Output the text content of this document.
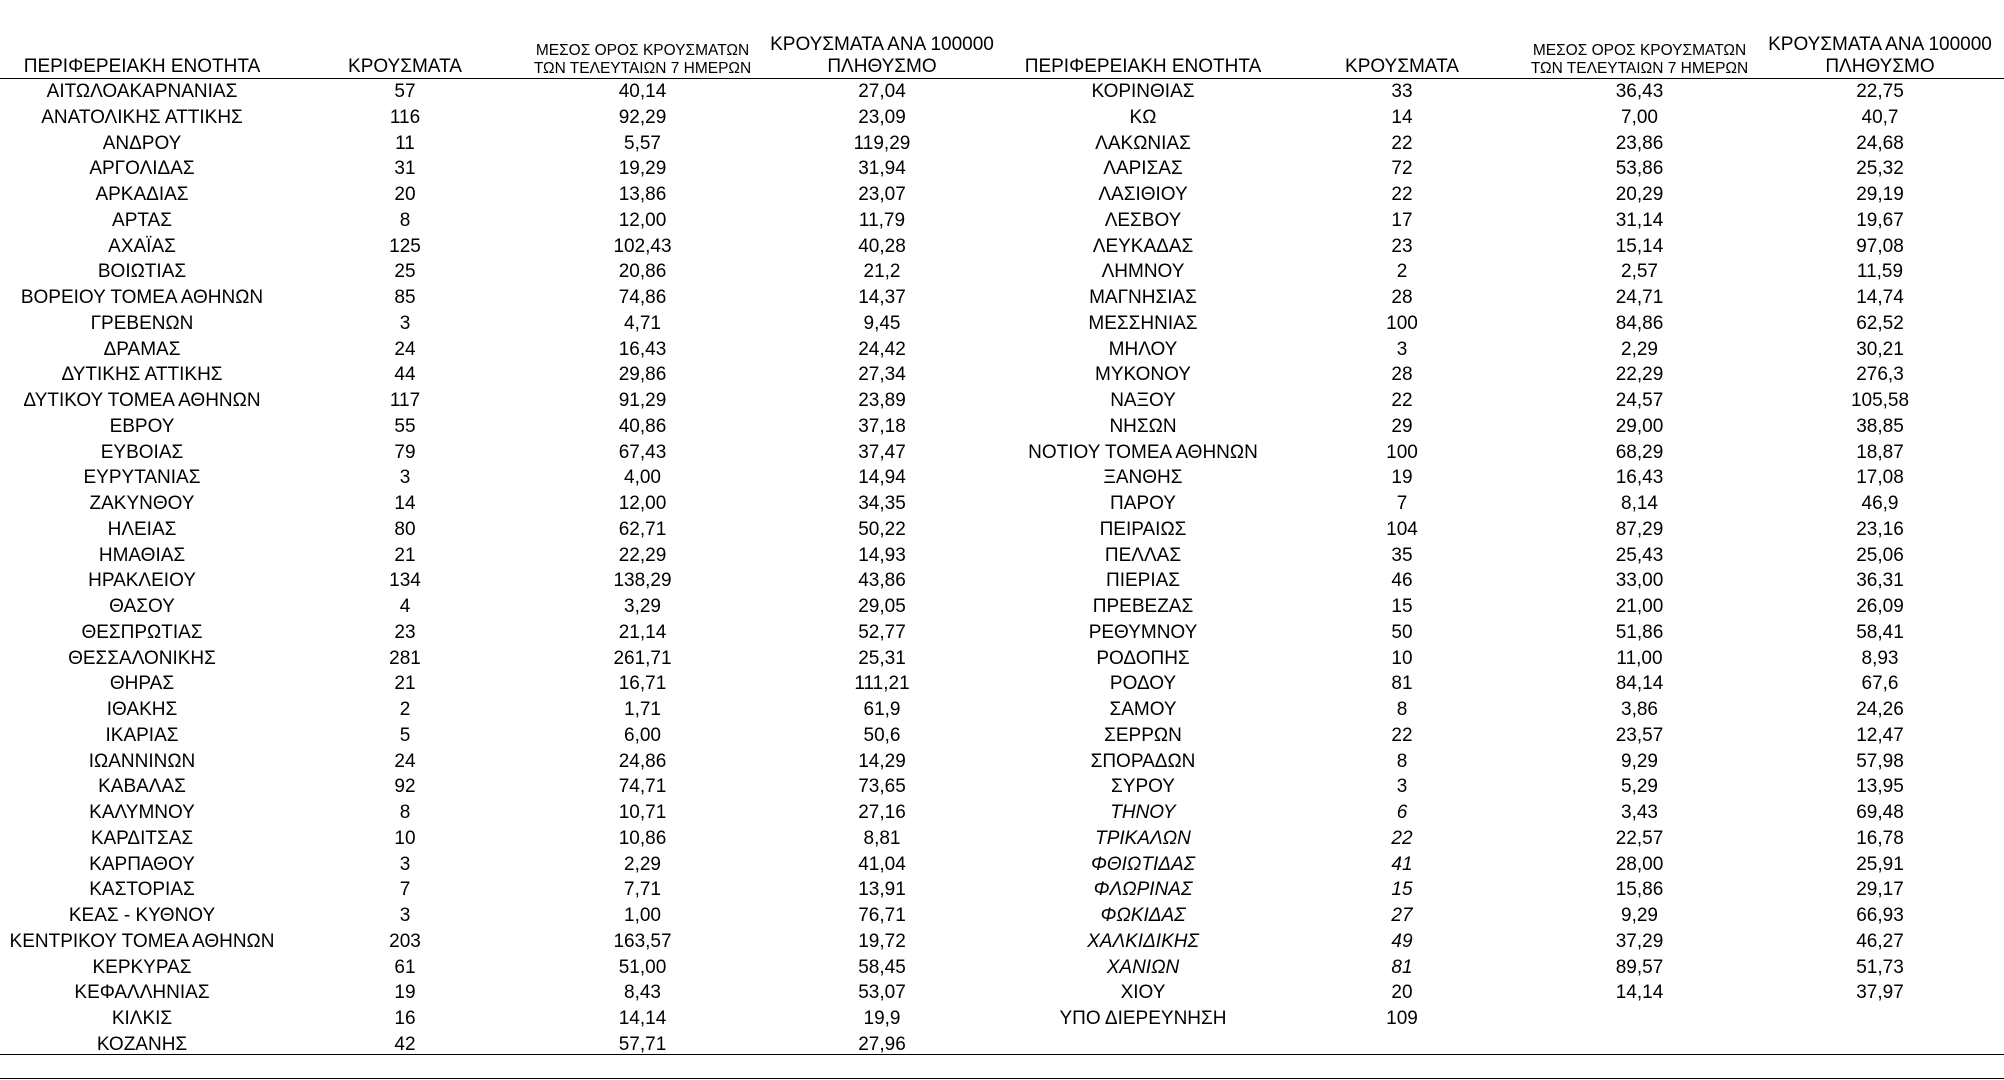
ΠΕΡΙΦΕΡΕΙΑΚΗ ΕΝΟΤΗΤΑ	ΚΡΟΥΣΜΑΤΑ	ΜΕΣΟΣ ΟΡΟΣ ΚΡΟΥΣΜΑΤΩΝ
ΤΩΝ ΤΕΛΕΥΤΑΙΩΝ 7 ΗΜΕΡΩΝ	ΚΡΟΥΣΜΑΤΑ ΑΝΑ 100000
ΠΛΗΘΥΣΜΟ
ΑΙΤΩΛΟΑΚΑΡΝΑΝΙΑΣ	57	40,14	27,04
ΑΝΑΤΟΛΙΚΗΣ ΑΤΤΙΚΗΣ	116	92,29	23,09
ΑΝΔΡΟΥ	11	5,57	119,29
ΑΡΓΟΛΙΔΑΣ	31	19,29	31,94
ΑΡΚΑΔΙΑΣ	20	13,86	23,07
ΑΡΤΑΣ	8	12,00	11,79
ΑΧΑΪΑΣ	125	102,43	40,28
ΒΟΙΩΤΙΑΣ	25	20,86	21,2
ΒΟΡΕΙΟΥ ΤΟΜΕΑ ΑΘΗΝΩΝ	85	74,86	14,37
ΓΡΕΒΕΝΩΝ	3	4,71	9,45
ΔΡΑΜΑΣ	24	16,43	24,42
ΔΥΤΙΚΗΣ ΑΤΤΙΚΗΣ	44	29,86	27,34
ΔΥΤΙΚΟΥ ΤΟΜΕΑ ΑΘΗΝΩΝ	117	91,29	23,89
ΕΒΡΟΥ	55	40,86	37,18
ΕΥΒΟΙΑΣ	79	67,43	37,47
ΕΥΡΥΤΑΝΙΑΣ	3	4,00	14,94
ΖΑΚΥΝΘΟΥ	14	12,00	34,35
ΗΛΕΙΑΣ	80	62,71	50,22
ΗΜΑΘΙΑΣ	21	22,29	14,93
ΗΡΑΚΛΕΙΟΥ	134	138,29	43,86
ΘΑΣΟΥ	4	3,29	29,05
ΘΕΣΠΡΩΤΙΑΣ	23	21,14	52,77
ΘΕΣΣΑΛΟΝΙΚΗΣ	281	261,71	25,31
ΘΗΡΑΣ	21	16,71	111,21
ΙΘΑΚΗΣ	2	1,71	61,9
ΙΚΑΡΙΑΣ	5	6,00	50,6
ΙΩΑΝΝΙΝΩΝ	24	24,86	14,29
ΚΑΒΑΛΑΣ	92	74,71	73,65
ΚΑΛΥΜΝΟΥ	8	10,71	27,16
ΚΑΡΔΙΤΣΑΣ	10	10,86	8,81
ΚΑΡΠΑΘΟΥ	3	2,29	41,04
ΚΑΣΤΟΡΙΑΣ	7	7,71	13,91
ΚΕΑΣ - ΚΥΘΝΟΥ	3	1,00	76,71
ΚΕΝΤΡΙΚΟΥ ΤΟΜΕΑ ΑΘΗΝΩΝ	203	163,57	19,72
ΚΕΡΚΥΡΑΣ	61	51,00	58,45
ΚΕΦΑΛΛΗΝΙΑΣ	19	8,43	53,07
ΚΙΛΚΙΣ	16	14,14	19,9
ΚΟΖΑΝΗΣ	42	57,71	27,96
ΠΕΡΙΦΕΡΕΙΑΚΗ ΕΝΟΤΗΤΑ	ΚΡΟΥΣΜΑΤΑ	ΜΕΣΟΣ ΟΡΟΣ ΚΡΟΥΣΜΑΤΩΝ
ΤΩΝ ΤΕΛΕΥΤΑΙΩΝ 7 ΗΜΕΡΩΝ	ΚΡΟΥΣΜΑΤΑ ΑΝΑ 100000
ΠΛΗΘΥΣΜΟ
ΚΟΡΙΝΘΙΑΣ	33	36,43	22,75
ΚΩ	14	7,00	40,7
ΛΑΚΩΝΙΑΣ	22	23,86	24,68
ΛΑΡΙΣΑΣ	72	53,86	25,32
ΛΑΣΙΘΙΟΥ	22	20,29	29,19
ΛΕΣΒΟΥ	17	31,14	19,67
ΛΕΥΚΑΔΑΣ	23	15,14	97,08
ΛΗΜΝΟΥ	2	2,57	11,59
ΜΑΓΝΗΣΙΑΣ	28	24,71	14,74
ΜΕΣΣΗΝΙΑΣ	100	84,86	62,52
ΜΗΛΟΥ	3	2,29	30,21
ΜΥΚΟΝΟΥ	28	22,29	276,3
ΝΑΞΟΥ	22	24,57	105,58
ΝΗΣΩΝ	29	29,00	38,85
ΝΟΤΙΟΥ ΤΟΜΕΑ ΑΘΗΝΩΝ	100	68,29	18,87
ΞΑΝΘΗΣ	19	16,43	17,08
ΠΑΡΟΥ	7	8,14	46,9
ΠΕΙΡΑΙΩΣ	104	87,29	23,16
ΠΕΛΛΑΣ	35	25,43	25,06
ΠΙΕΡΙΑΣ	46	33,00	36,31
ΠΡΕΒΕΖΑΣ	15	21,00	26,09
ΡΕΘΥΜΝΟΥ	50	51,86	58,41
ΡΟΔΟΠΗΣ	10	11,00	8,93
ΡΟΔΟΥ	81	84,14	67,6
ΣΑΜΟΥ	8	3,86	24,26
ΣΕΡΡΩΝ	22	23,57	12,47
ΣΠΟΡΑΔΩΝ	8	9,29	57,98
ΣΥΡΟΥ	3	5,29	13,95
ΤΗΝΟΥ	6	3,43	69,48
ΤΡΙΚΑΛΩΝ	22	22,57	16,78
ΦΘΙΩΤΙΔΑΣ	41	28,00	25,91
ΦΛΩΡΙΝΑΣ	15	15,86	29,17
ΦΩΚΙΔΑΣ	27	9,29	66,93
ΧΑΛΚΙΔΙΚΗΣ	49	37,29	46,27
ΧΑΝΙΩΝ	81	89,57	51,73
ΧΙΟΥ	20	14,14	37,97
ΥΠΟ ΔΙΕΡΕΥΝΗΣΗ	109		
